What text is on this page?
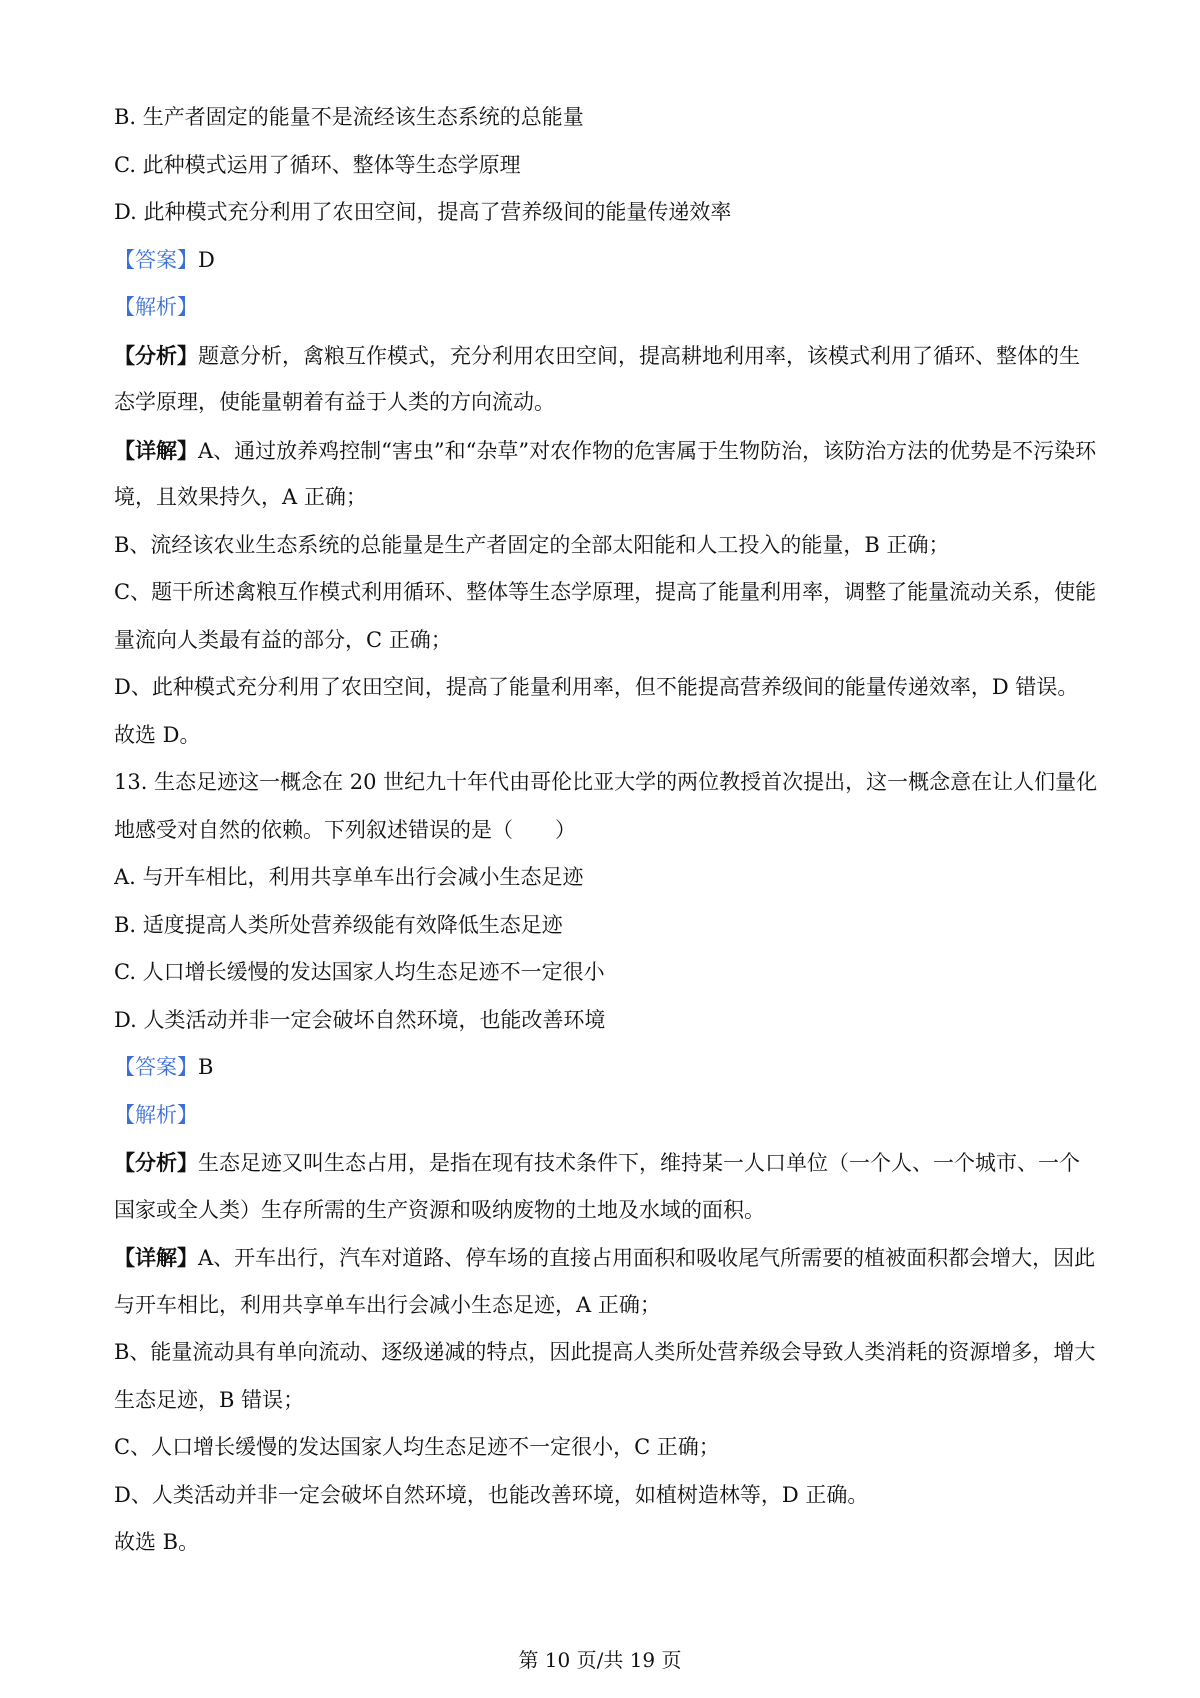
B. 生产者固定的能量不是流经该生态系统的总能量
C. 此种模式运用了循环、整体等生态学原理
D. 此种模式充分利用了农田空间，提高了营养级间的能量传递效率
【答案】D
【解析】
【分析】题意分析，禽粮互作模式，充分利用农田空间，提高耕地利用率，该模式利用了循环、整体的生
态学原理，使能量朝着有益于人类的方向流动。
【详解】A、通过放养鸡控制“害虫”和“杂草”对农作物的危害属于生物防治，该防治方法的优势是不污染环
境，且效果持久，A 正确；
B、流经该农业生态系统的总能量是生产者固定的全部太阳能和人工投入的能量，B 正确；
C、题干所述禽粮互作模式利用循环、整体等生态学原理，提高了能量利用率，调整了能量流动关系，使能
量流向人类最有益的部分，C 正确；
D、此种模式充分利用了农田空间，提高了能量利用率，但不能提高营养级间的能量传递效率，D 错误。
故选 D。
13. 生态足迹这一概念在 20 世纪九十年代由哥伦比亚大学的两位教授首次提出，这一概念意在让人们量化
地感受对自然的依赖。下列叙述错误的是（　　）
A. 与开车相比，利用共享单车出行会减小生态足迹
B. 适度提高人类所处营养级能有效降低生态足迹
C. 人口增长缓慢的发达国家人均生态足迹不一定很小
D. 人类活动并非一定会破坏自然环境，也能改善环境
【答案】B
【解析】
【分析】生态足迹又叫生态占用，是指在现有技术条件下，维持某一人口单位（一个人、一个城市、一个
国家或全人类）生存所需的生产资源和吸纳废物的土地及水域的面积。
【详解】A、开车出行，汽车对道路、停车场的直接占用面积和吸收尾气所需要的植被面积都会增大，因此
与开车相比，利用共享单车出行会减小生态足迹，A 正确；
B、能量流动具有单向流动、逐级递减的特点，因此提高人类所处营养级会导致人类消耗的资源增多，增大
生态足迹，B 错误；
C、人口增长缓慢的发达国家人均生态足迹不一定很小，C 正确；
D、人类活动并非一定会破坏自然环境，也能改善环境，如植树造林等，D 正确。
故选 B。
第 10 页/共 19 页
